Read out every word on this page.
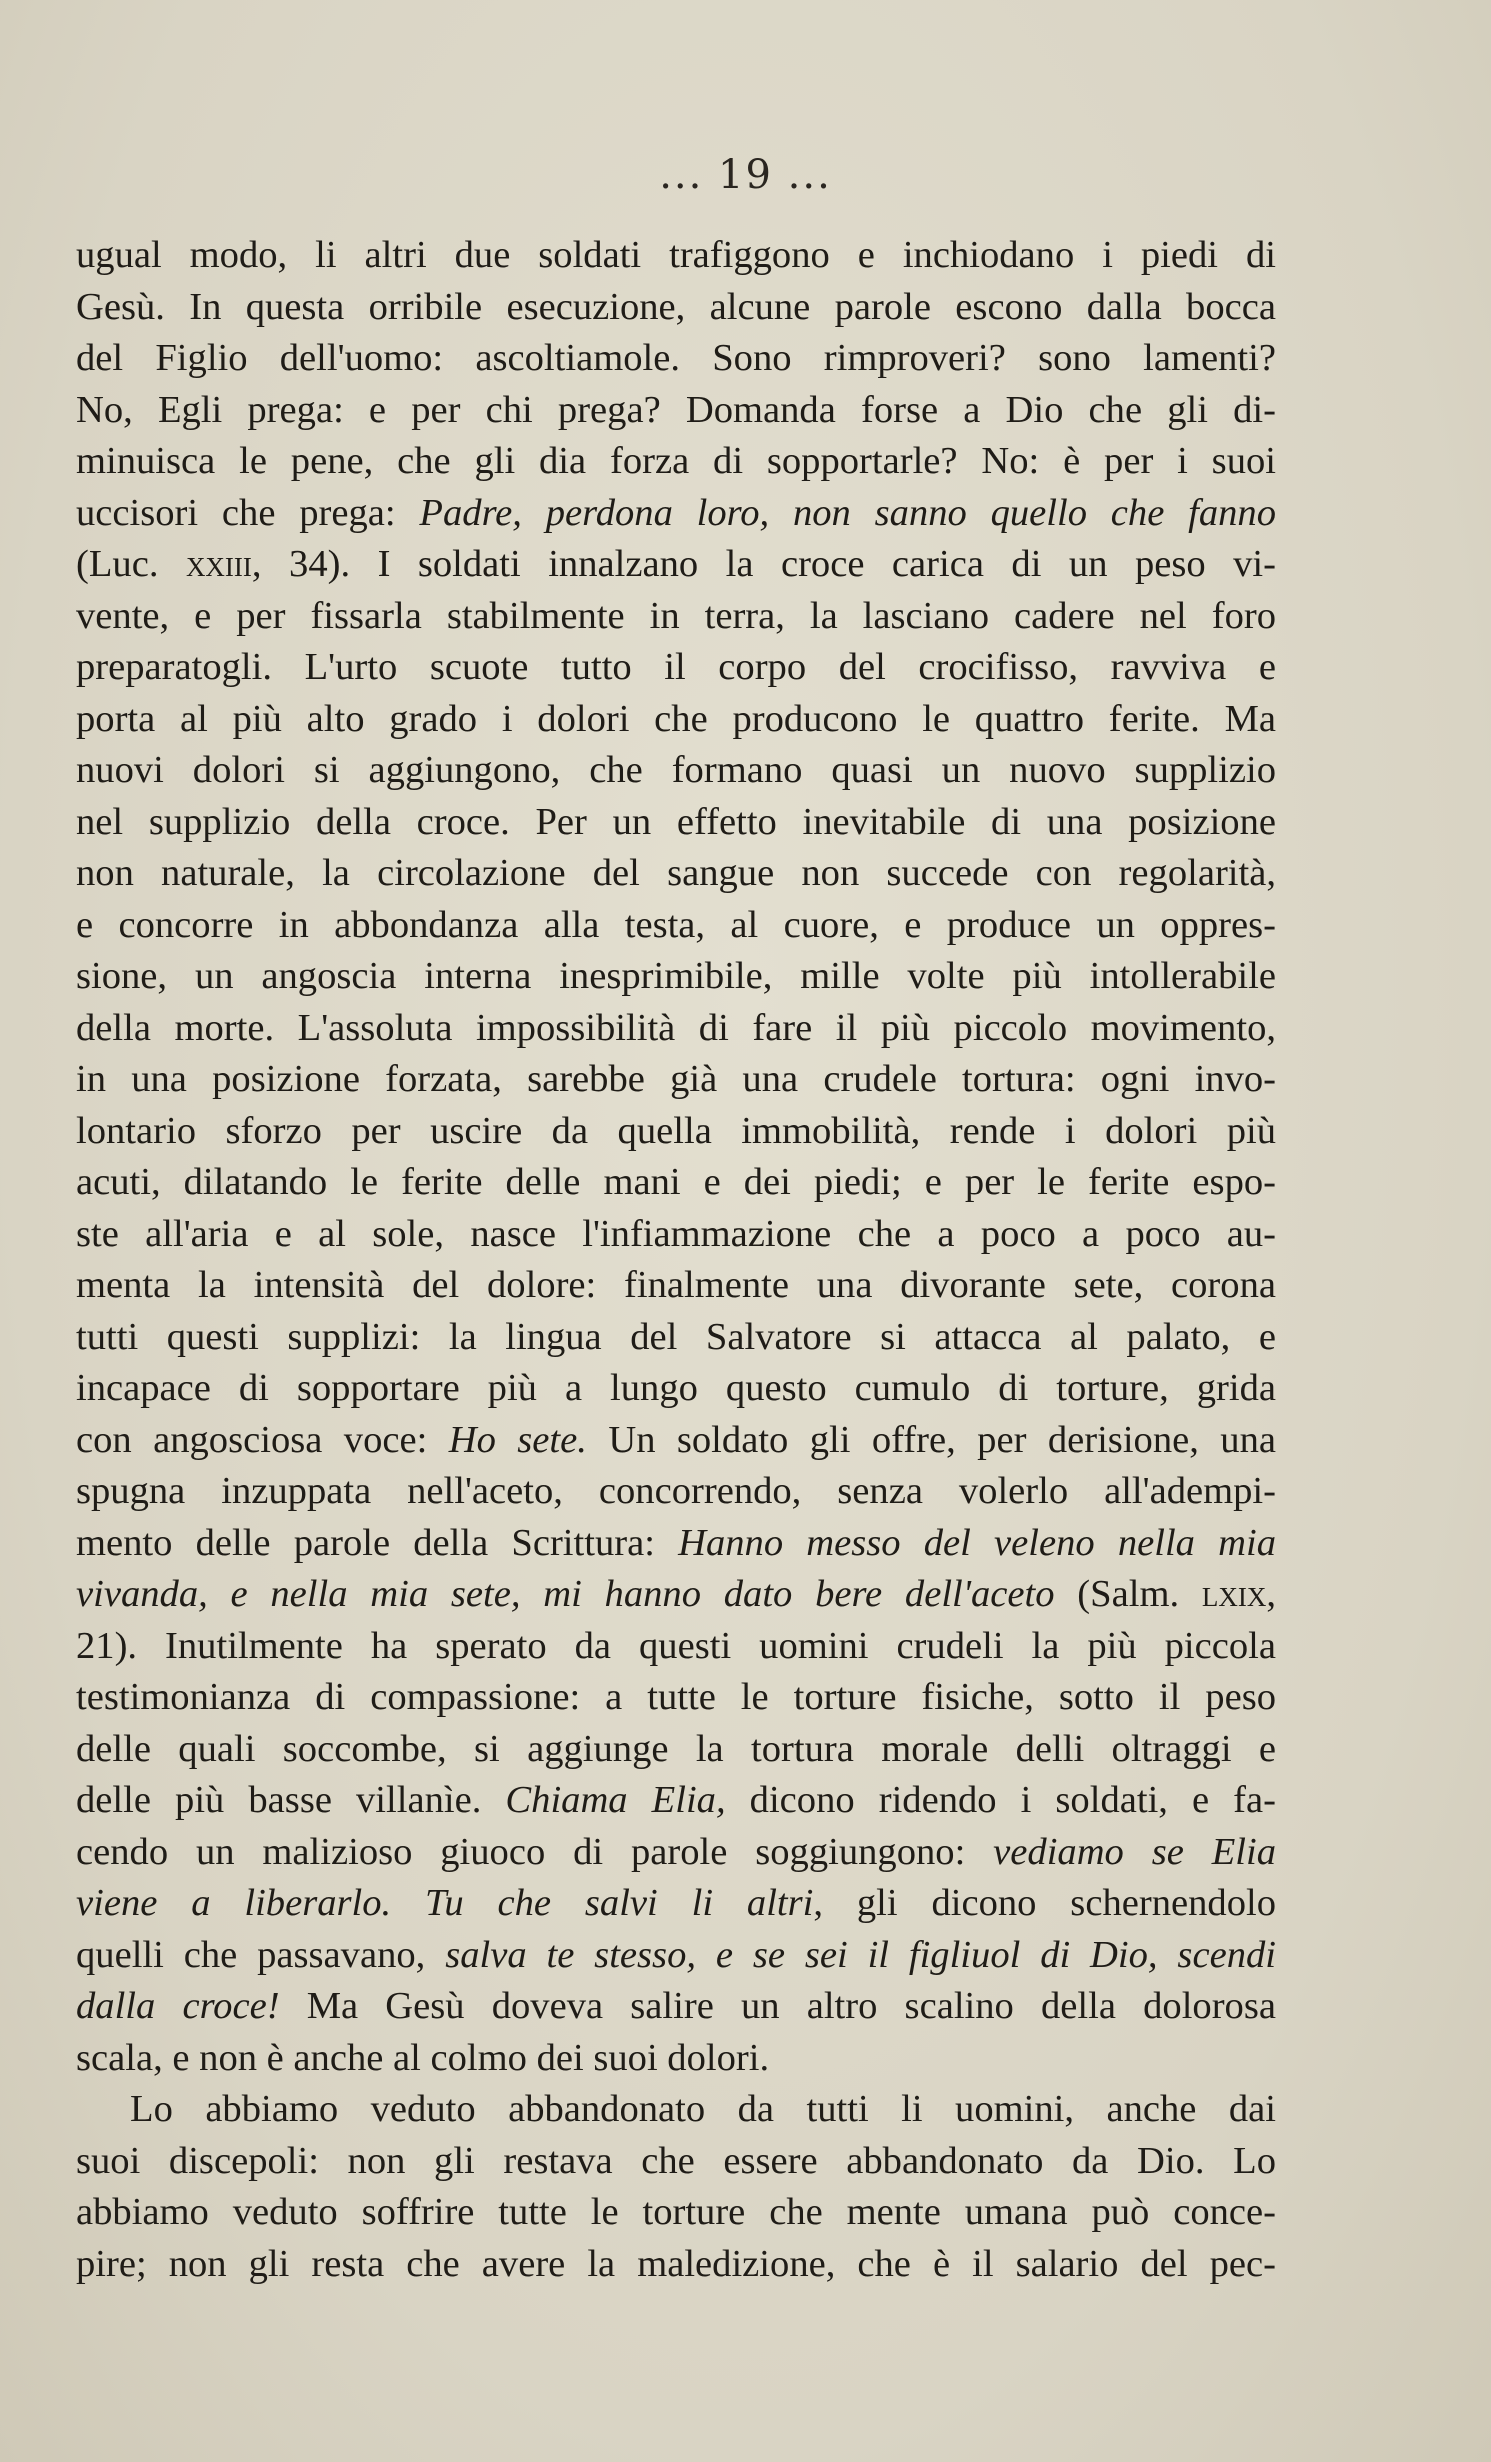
... 19 ...
ugual modo, li altri due soldati trafiggono e inchiodano i piedi di
Gesù. In questa orribile esecuzione, alcune parole escono dalla bocca
del Figlio dell'uomo: ascoltiamole. Sono rimproveri? sono lamenti?
No, Egli prega: e per chi prega? Domanda forse a Dio che gli di-
minuisca le pene, che gli dia forza di sopportarle? No: è per i suoi
uccisori che prega: Padre, perdona loro, non sanno quello che fanno
(Luc. xxiii, 34). I soldati innalzano la croce carica di un peso vi-
vente, e per fissarla stabilmente in terra, la lasciano cadere nel foro
preparatogli. L'urto scuote tutto il corpo del crocifisso, ravviva e
porta al più alto grado i dolori che producono le quattro ferite. Ma
nuovi dolori si aggiungono, che formano quasi un nuovo supplizio
nel supplizio della croce. Per un effetto inevitabile di una posizione
non naturale, la circolazione del sangue non succede con regolarità,
e concorre in abbondanza alla testa, al cuore, e produce un oppres-
sione, un angoscia interna inesprimibile, mille volte più intollerabile
della morte. L'assoluta impossibilità di fare il più piccolo movimento,
in una posizione forzata, sarebbe già una crudele tortura: ogni invo-
lontario sforzo per uscire da quella immobilità, rende i dolori più
acuti, dilatando le ferite delle mani e dei piedi; e per le ferite espo-
ste all'aria e al sole, nasce l'infiammazione che a poco a poco au-
menta la intensità del dolore: finalmente una divorante sete, corona
tutti questi supplizi: la lingua del Salvatore si attacca al palato, e
incapace di sopportare più a lungo questo cumulo di torture, grida
con angosciosa voce: Ho sete. Un soldato gli offre, per derisione, una
spugna inzuppata nell'aceto, concorrendo, senza volerlo all'adempi-
mento delle parole della Scrittura: Hanno messo del veleno nella mia
vivanda, e nella mia sete, mi hanno dato bere dell'aceto (Salm. lxix,
21). Inutilmente ha sperato da questi uomini crudeli la più piccola
testimonianza di compassione: a tutte le torture fisiche, sotto il peso
delle quali soccombe, si aggiunge la tortura morale delli oltraggi e
delle più basse villanìe. Chiama Elia, dicono ridendo i soldati, e fa-
cendo un malizioso giuoco di parole soggiungono: vediamo se Elia
viene a liberarlo. Tu che salvi li altri, gli dicono schernendolo
quelli che passavano, salva te stesso, e se sei il figliuol di Dio, scendi
dalla croce! Ma Gesù doveva salire un altro scalino della dolorosa
scala, e non è anche al colmo dei suoi dolori.
Lo abbiamo veduto abbandonato da tutti li uomini, anche dai
suoi discepoli: non gli restava che essere abbandonato da Dio. Lo
abbiamo veduto soffrire tutte le torture che mente umana può conce-
pire; non gli resta che avere la maledizione, che è il salario del pec-
